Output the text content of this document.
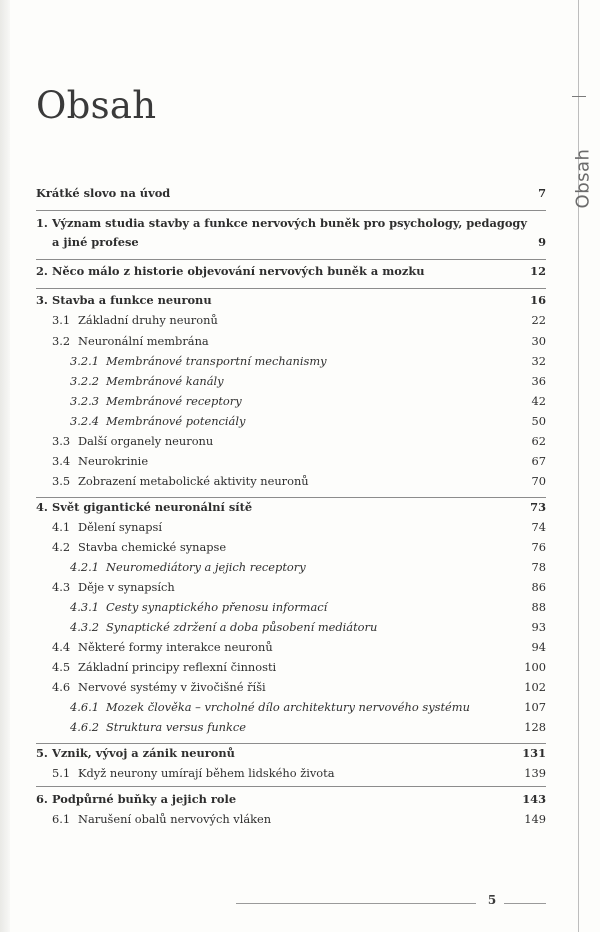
Obsah
Obsah
Krátké slovo na úvod	7
1. Význam studia stavby a funkce nervových buněk pro psychology, pedagogy
a jiné profese	9
2. Něco málo z historie objevování nervových buněk a mozku	12
3. Stavba a funkce neuronu	16
3.1 Základní druhy neuronů	22
3.2 Neuronální membrána	30
3.2.1 Membránové transportní mechanismy	32
3.2.2 Membránové kanály	36
3.2.3 Membránové receptory	42
3.2.4 Membránové potenciály	50
3.3 Další organely neuronu	62
3.4 Neurokrinie	67
3.5 Zobrazení metabolické aktivity neuronů	70
4. Svět gigantické neuronální sítě	73
4.1 Dělení synapsí	74
4.2 Stavba chemické synapse	76
4.2.1 Neuromediátory a jejich receptory	78
4.3 Děje v synapsích	86
4.3.1 Cesty synaptického přenosu informací	88
4.3.2 Synaptické zdržení a doba působení mediátoru	93
4.4 Některé formy interakce neuronů	94
4.5 Základní principy reflexní činnosti	100
4.6 Nervové systémy v živočišné říši	102
4.6.1 Mozek člověka – vrcholné dílo architektury nervového systému	107
4.6.2 Struktura versus funkce	128
5. Vznik, vývoj a zánik neuronů	131
5.1 Když neurony umírají během lidského života	139
6. Podpůrné buňky a jejich role	143
6.1 Narušení obalů nervových vláken	149
5
